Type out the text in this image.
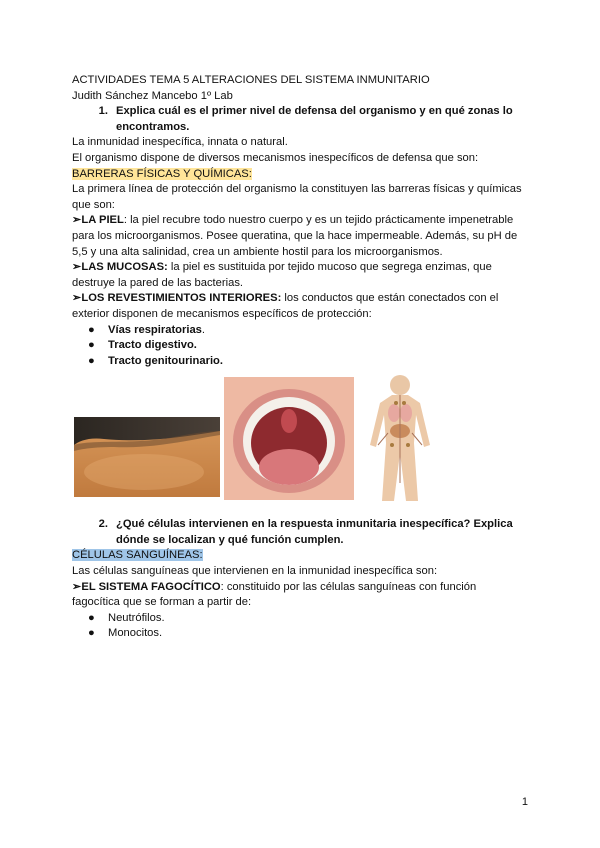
ACTIVIDADES TEMA 5 ALTERACIONES DEL SISTEMA INMUNITARIO
Judith Sánchez Mancebo 1º Lab
1. Explica cuál es el primer nivel de defensa del organismo y en qué zonas lo
encontramos.
La inmunidad inespecífica, innata o natural.
El organismo dispone de diversos mecanismos inespecíficos de defensa que son:
BARRERAS FÍSICAS Y QUÍMICAS:
La primera línea de protección del organismo la constituyen las barreras físicas y químicas
que son:
➢LA PIEL: la piel recubre todo nuestro cuerpo y es un tejido prácticamente impenetrable
para los microorganismos. Posee queratina, que la hace impermeable. Además, su pH de
5,5 y una alta salinidad, crea un ambiente hostil para los microorganismos.
➢LAS MUCOSAS: la piel es sustituida por tejido mucoso que segrega enzimas, que
destruye la pared de las bacterias.
➢LOS REVESTIMIENTOS INTERIORES: los conductos que están conectados con el
exterior disponen de mecanismos específicos de protección:
●	Vías respiratorias.
●	Tracto digestivo.
●	Tracto genitourinario.
2. ¿Qué células intervienen en la respuesta inmunitaria inespecífica? Explica
dónde se localizan y qué función cumplen.
CÉLULAS SANGUÍNEAS:
Las células sanguíneas que intervienen en la inmunidad inespecífica son:
➢EL SISTEMA FAGOCÍTICO: constituido por las células sanguíneas con función
fagocítica que se forman a partir de:
●	Neutrófilos.
●	Monocitos.
1
